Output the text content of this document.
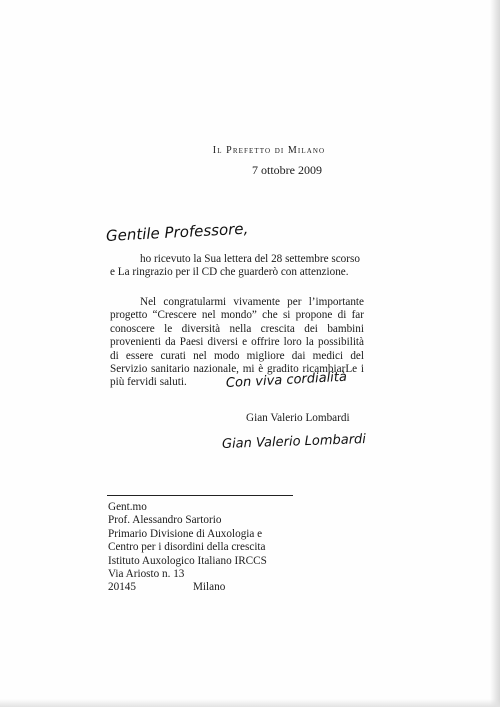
Il Prefetto di Milano
7 ottobre 2009
Gentile Professore,
ho ricevuto la Sua lettera del 28 settembre scorso
e La ringrazio per il CD che guarderò con attenzione.
Nel congratularmi vivamente per l’importante progetto “Crescere nel mondo” che si propone di far conoscere le diversità nella crescita dei bambini provenienti da Paesi diversi e offrire loro la possibilità di essere curati nel modo migliore dai medici del Servizio sanitario nazionale, mi è gradito ricambiarLe i più fervidi saluti.	Con viva cordialità
Gian Valerio Lombardi
Gian Valerio Lombardi
Gent.mo
Prof. Alessandro Sartorio
Primario Divisione di Auxologia e
Centro per i disordini della crescita
Istituto Auxologico Italiano IRCCS
Via Ariosto n. 13
20145	Milano
